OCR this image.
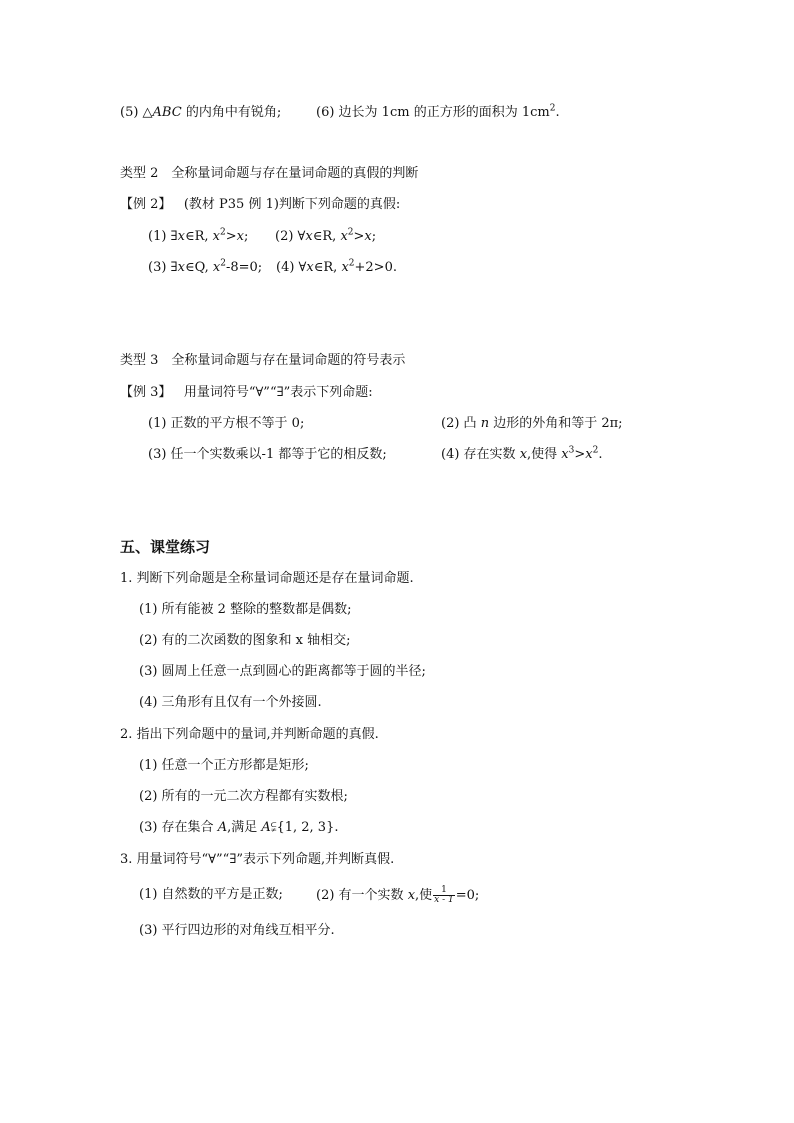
(5) △ABC 的内角中有锐角;	(6) 边长为 1cm 的正方形的面积为 $1cm^2$.
类型 2　全称量词命题与存在量词命题的真假的判断
【例 2】 (教材 P35 例 1)判断下列命题的真假:
(1) ∃x∈R, $x^2>x$; (2) ∀x∈R, $x^2>x$;
(3) ∃x∈Q, $x^2-8=0$; (4) ∀x∈R, $x^2+2>0$.
类型 3　全称量词命题与存在量词命题的符号表示
【例 3】 用量词符号“∀”“∃”表示下列命题:
(1) 正数的平方根不等于 0;	(2) 凸 n 边形的外角和等于 2π;
(3) 任一个实数乘以-1 都等于它的相反数;	(4) 存在实数 x,使得 $x^3>x^2$.
五、课堂练习
1. 判断下列命题是全称量词命题还是存在量词命题.
(1) 所有能被 2 整除的整数都是偶数;
(2) 有的二次函数的图象和 x 轴相交;
(3) 圆周上任意一点到圆心的距离都等于圆的半径;
(4) 三角形有且仅有一个外接圆.
2. 指出下列命题中的量词,并判断命题的真假.
(1) 任意一个正方形都是矩形;
(2) 所有的一元二次方程都有实数根;
(3) 存在集合 A,满足 A⫋{1, 2, 3}.
3. 用量词符号“∀”“∃”表示下列命题,并判断真假.
(1) 自然数的平方是正数;	(2) 有一个实数 x,使 $\frac{1}{x - 1} =0$;
(3) 平行四边形的对角线互相平分.
